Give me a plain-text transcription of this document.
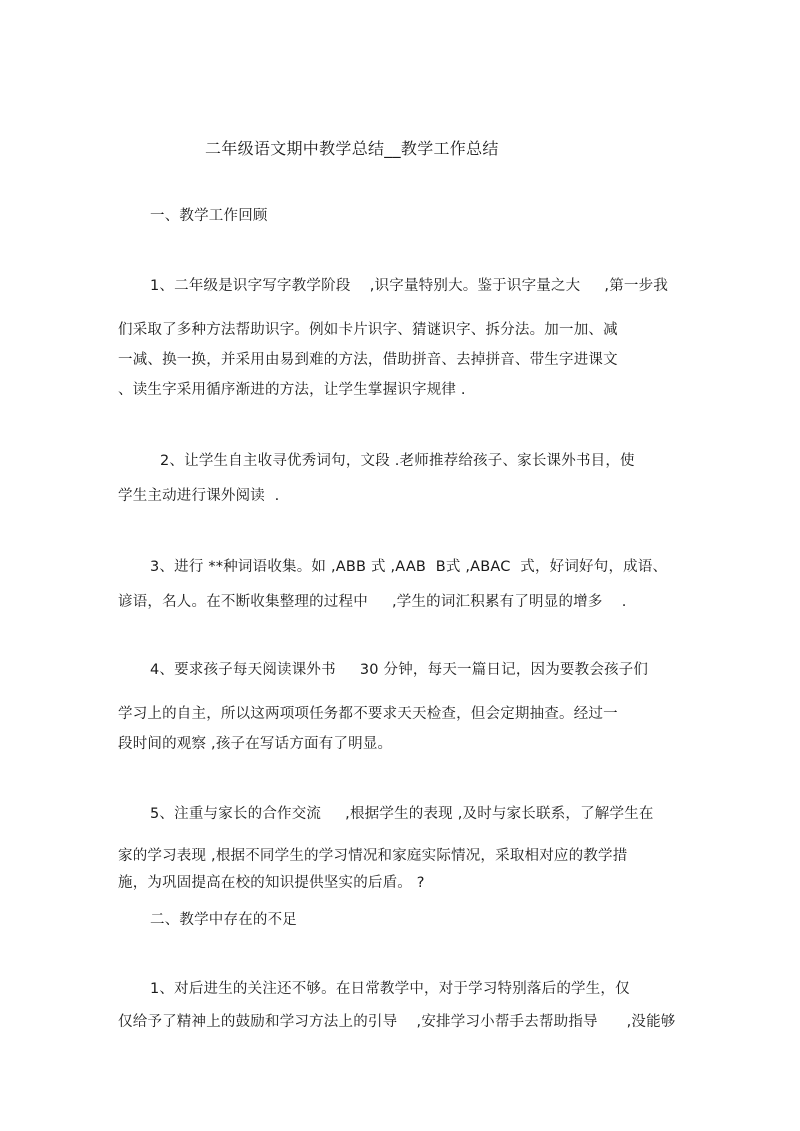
二年级语文期中教学总结__教学工作总结
一、教学工作回顾
1、二年级是识字写字教学阶段    ,识字量特别大。鉴于识字量之大     ,第一步我
们采取了多种方法帮助识字。例如卡片识字、猜谜识字、拆分法。加一加、减
一减、换一换，并采用由易到难的方法，借助拼音、去掉拼音、带生字进课文
、读生字采用循序渐进的方法，让学生掌握识字规律 .
2、让学生自主收寻优秀词句，文段 .老师推荐给孩子、家长课外书目，使
学生主动进行课外阅读  .
3、进行 **种词语收集。如 ,ABB 式 ,AAB  B式 ,ABAC  式，好词好句，成语、
谚语，名人。在不断收集整理的过程中     ,学生的词汇积累有了明显的增多    .
4、要求孩子每天阅读课外书     30 分钟，每天一篇日记，因为要教会孩子们
学习上的自主，所以这两项项任务都不要求天天检查，但会定期抽查。经过一
段时间的观察 ,孩子在写话方面有了明显。
5、注重与家长的合作交流     ,根据学生的表现 ,及时与家长联系，了解学生在
家的学习表现 ,根据不同学生的学习情况和家庭实际情况，采取相对应的教学措
施，为巩固提高在校的知识提供坚实的后盾。 ?
二、教学中存在的不足
1、对后进生的关注还不够。在日常教学中，对于学习特别落后的学生，仅
仅给予了精神上的鼓励和学习方法上的引导    ,安排学习小帮手去帮助指导      ,没能够
